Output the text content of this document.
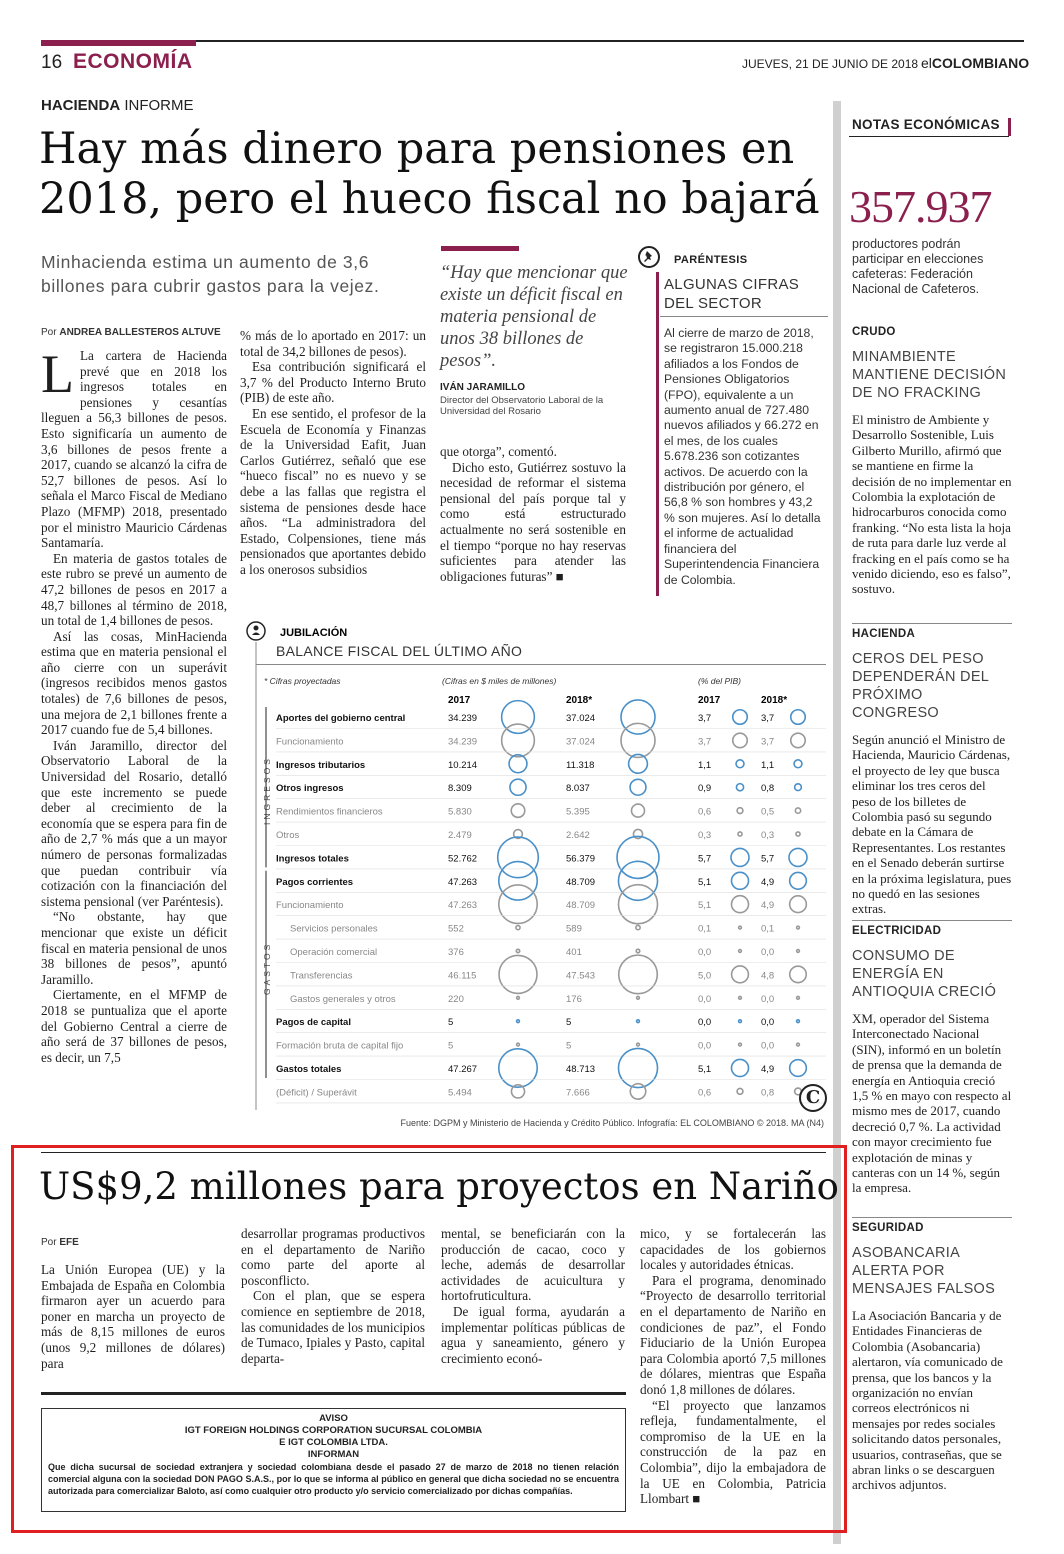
16 ECONOMÍA	JUEVES, 21 DE JUNIO DE 2018 elCOLOMBIANO
HACIENDA INFORME
Hay más dinero para pensiones en 2018, pero el hueco fiscal no bajará
Minhacienda estima un aumento de 3,6 billones para cubrir gastos para la vejez.
Por ANDREA BALLESTEROS ALTUVE

L La cartera de Hacienda prevé que en 2018 los ingresos totales en pensiones y cesantías lleguen a 56,3 billones de pesos. Esto significaría un aumento de 3,6 billones de pesos frente a 2017, cuando se alcanzó la cifra de 52,7 billones de pesos. Así lo señala el Marco Fiscal de Mediano Plazo (MFMP) 2018, presentado por el ministro Mauricio Cárdenas Santamaría.

En materia de gastos totales de este rubro se prevé un aumento de 47,2 billones de pesos en 2017 a 48,7 billones al término de 2018, un total de 1,4 billones de pesos.

Así las cosas, MinHacienda estima que en materia pensional el año cierre con un superávit (ingresos recibidos menos gastos totales) de 7,6 billones de pesos, una mejora de 2,1 billones frente a 2017 cuando fue de 5,4 billones.

Iván Jaramillo, director del Observatorio Laboral de la Universidad del Rosario, detalló que este incremento se puede deber al crecimiento de la economía que se espera para fin de año de 2,7 % más que a un mayor número de personas formalizadas que puedan contribuir vía cotización con la financiación del sistema pensional (ver Paréntesis).

“No obstante, hay que mencionar que existe un déficit fiscal en materia pensional de unos 38 billones de pesos”, apuntó Jaramillo.

Ciertamente, en el MFMP de 2018 se puntualiza que el aporte del Gobierno Central a cierre de año será de 37 billones de pesos, es decir, un 7,5

% más de lo aportado en 2017: un total de 34,2 billones de pesos).

Esa contribución significará el 3,7 % del Producto Interno Bruto (PIB) de este año.

En ese sentido, el profesor de la Escuela de Economía y Finanzas de la Universidad Eafit, Juan Carlos Gutiérrez, señaló que ese “hueco fiscal” no es nuevo y se debe a las fallas que registra el sistema de pensiones desde hace años. “La administradora del Estado, Colpensiones, tiene más pensionados que aportantes debido a los onerosos subsidios

“Hay que mencionar que existe un déficit fiscal en materia pensional de unos 38 billones de pesos”.
IVÁN JARAMILLO
Director del Observatorio Laboral de la Universidad del Rosario

que otorga”, comentó.

Dicho esto, Gutiérrez sostuvo la necesidad de reformar el sistema pensional del país porque tal y como está estructurado actualmente no será sostenible en el tiempo “porque no hay reservas suficientes para atender las obligaciones futuras” ■

PARÉNTESIS
ALGUNAS CIFRAS DEL SECTOR
Al cierre de marzo de 2018, se registraron 15.000.218 afiliados a los Fondos de Pensiones Obligatorios (FPO), equivalente a un aumento anual de 727.480 nuevos afiliados y 66.272 en el mes, de los cuales 5.678.236 son cotizantes activos. De acuerdo con la distribución por género, el 56,8 % son hombres y 43,2 % son mujeres. Así lo detalla el informe de actualidad financiera del Superintendencia Financiera de Colombia.
JUBILACIÓN
BALANCE FISCAL DEL ÚLTIMO AÑO
* Cifras proyectadas	(Cifras en $ miles de millones)	(% del PIB)
2017	2018*	2017	2018*
INGRESOS
GASTOS
Aportes del gobierno central	34.239	37.024	3,7	3,7
Funcionamiento	34.239	37.024	3,7	3,7
Ingresos tributarios	10.214	11.318	1,1	1,1
Otros ingresos	8.309	8.037	0,9	0,8
Rendimientos financieros	5.830	5.395	0,6	0,5
Otros	2.479	2.642	0,3	0,3
Ingresos totales	52.762	56.379	5,7	5,7
Pagos corrientes	47.263	48.709	5,1	4,9
Funcionamiento	47.263	48.709	5,1	4,9
Servicios personales	552	589	0,1	0,1
Operación comercial	376	401	0,0	0,0
Transferencias	46.115	47.543	5,0	4,8
Gastos generales y otros	220	176	0,0	0,0
Pagos de capital	5	5	0,0	0,0
Formación bruta de capital fijo	5	5	0,0	0,0
Gastos totales	47.267	48.713	5,1	4,9
(Déficit) / Superávit	5.494	7.666	0,6	0,8
Fuente: DGPM y Ministerio de Hacienda y Crédito Público. Infografía: EL COLOMBIANO © 2018. MA (N4)
C
NOTAS ECONÓMICAS
357.937
productores podrán participar en elecciones cafeteras: Federación Nacional de Cafeteros.
CRUDO
MINAMBIENTE MANTIENE DECISIÓN DE NO FRACKING
El ministro de Ambiente y Desarrollo Sostenible, Luis Gilberto Murillo, afirmó que se mantiene en firme la decisión de no implementar en Colombia la explotación de hidrocarburos conocida como franking. “No esta lista la hoja de ruta para darle luz verde al fracking en el país como se ha venido diciendo, eso es falso”, sostuvo.
HACIENDA
CEROS DEL PESO DEPENDERÁN DEL PRÓXIMO CONGRESO
Según anunció el Ministro de Hacienda, Mauricio Cárdenas, el proyecto de ley que busca eliminar los tres ceros del peso de los billetes de Colombia pasó su segundo debate en la Cámara de Representantes. Los restantes en el Senado deberán surtirse en la próxima legislatura, pues no quedó en las sesiones extras.
ELECTRICIDAD
CONSUMO DE ENERGÍA EN ANTIOQUIA CRECIÓ
XM, operador del Sistema Interconectado Nacional (SIN), informó en un boletín de prensa que la demanda de energía en Antioquia creció 1,5 % en mayo con respecto al mismo mes de 2017, cuando decreció 0,7 %. La actividad con mayor crecimiento fue explotación de minas y canteras con un 14 %, según la empresa.
SEGURIDAD
ASOBANCARIA ALERTA POR MENSAJES FALSOS
La Asociación Bancaria y de Entidades Financieras de Colombia (Asobancaria) alertaron, vía comunicado de prensa, que los bancos y la organización no envían correos electrónicos ni mensajes por redes sociales solicitando datos personales, usuarios, contraseñas, que se abran links o se descarguen archivos adjuntos.
US$9,2 millones para proyectos en Nariño
Por EFE

La Unión Europea (UE) y la Embajada de España en Colombia firmaron ayer un acuerdo para poner en marcha un proyecto de más de 8,15 millones de euros (unos 9,2 millones de dólares) para

desarrollar programas productivos en el departamento de Nariño como parte del aporte al posconflicto.

Con el plan, que se espera comience en septiembre de 2018, las comunidades de los municipios de Tumaco, Ipiales y Pasto, capital departa-

mental, se beneficiarán con la producción de cacao, coco y leche, además de desarrollar actividades de acuicultura y hortofruticultura.

De igual forma, ayudarán a implementar políticas públicas de agua y saneamiento, género y crecimiento econó-

mico, y se fortalecerán las capacidades de los gobiernos locales y autoridades étnicas.

Para el programa, denominado “Proyecto de desarrollo territorial en el departamento de Nariño en condiciones de paz”, el Fondo Fiduciario de la Unión Europea para Colombia aportó 7,5 millones de dólares, mientras que España donó 1,8 millones de dólares.

“El proyecto que lanzamos refleja, fundamentalmente, el compromiso de la UE en la construcción de la paz en Colombia”, dijo la embajadora de la UE en Colombia, Patricia Llombart ■

AVISO
IGT FOREIGN HOLDINGS CORPORATION SUCURSAL COLOMBIA
E IGT COLOMBIA LTDA.
INFORMAN
Que dicha sucursal de sociedad extranjera y sociedad colombiana desde el pasado 27 de marzo de 2018 no tienen relación comercial alguna con la sociedad DON PAGO S.A.S., por lo que se informa al público en general que dicha sociedad no se encuentra autorizada para comercializar Baloto, así como cualquier otro producto y/o servicio comercializado por dichas compañías.
